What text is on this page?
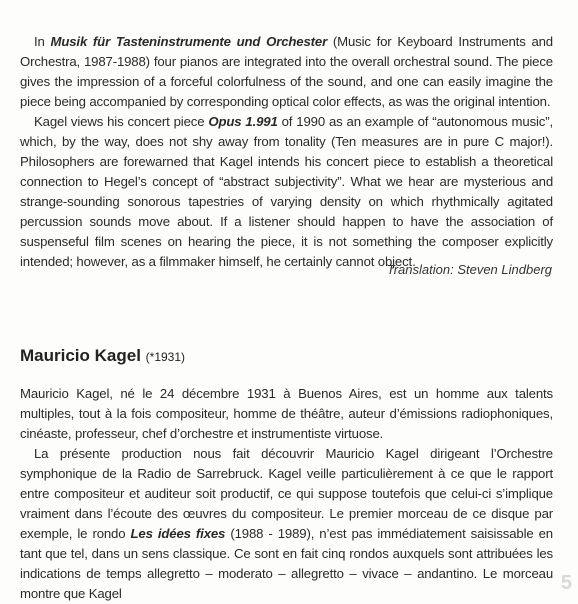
In Musik für Tasteninstrumente und Orchester (Music for Keyboard Instruments and Orchestra, 1987-1988) four pianos are integrated into the overall orchestral sound. The piece gives the impression of a forceful colorfulness of the sound, and one can easily imagine the piece being accompanied by corresponding optical color effects, as was the original intention.

Kagel views his concert piece Opus 1.991 of 1990 as an example of “autonomous music”, which, by the way, does not shy away from tonality (Ten measures are in pure C major!). Philosophers are forewarned that Kagel intends his concert piece to establish a theoretical connection to Hegel’s concept of “abstract subjectivity”. What we hear are mysterious and strange-sounding sonorous tapestries of varying density on which rhythmically agitated percussion sounds move about. If a listener should happen to have the association of suspenseful film scenes on hearing the piece, it is not something the composer explicitly intended; however, as a filmmaker himself, he certainly cannot object.

Translation: Steven Lindberg
Mauricio Kagel (*1931)

Mauricio Kagel, né le 24 décembre 1931 à Buenos Aires, est un homme aux talents multiples, tout à la fois compositeur, homme de théâtre, auteur d’émissions radiophoniques, cinéaste, professeur, chef d’orchestre et instrumentiste virtuose.

La présente production nous fait découvrir Mauricio Kagel dirigeant l’Orchestre symphonique de la Radio de Sarrebruck. Kagel veille particulièrement à ce que le rapport entre compositeur et auditeur soit productif, ce qui suppose toutefois que celui-ci s’implique vraiment dans l’écoute des œuvres du compositeur. Le premier morceau de ce disque par exemple, le rondo Les idées fixes (1988 - 1989), n’est pas immédiatement saisissable en tant que tel, dans un sens classique. Ce sont en fait cinq rondos auxquels sont attribuées les indications de temps allegretto – moderato – allegretto – vivace – andantino. Le morceau montre que Kagel	5
